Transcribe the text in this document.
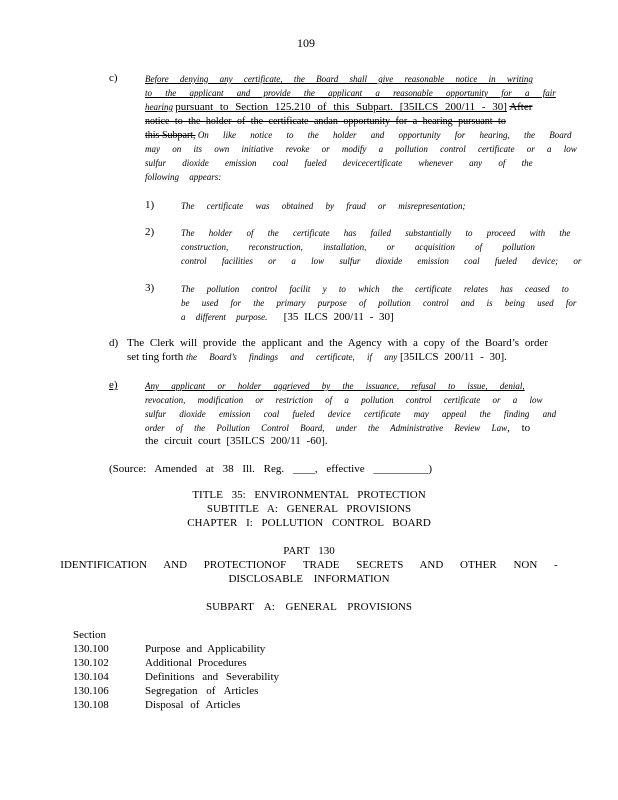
109
c)	Before denying any certificate, the Board shall give reasonable notice in writing
to the applicant and provide the applicant a reasonable opportunity for a fair
hearing pursuant to Section 125.210 of this Subpart. [35ILCS 200/11 - 30] After
notice to the holder of the certificate andan opportunity for a hearing pursuant to
this Subpart, On like notice to the holder and opportunity for hearing, the Board
may on its own initiative revoke or modify a pollution control certificate or a low
sulfur dioxide emission coal fueled devicecertificate whenever any of the
following appears:
1)	The certificate was obtained by fraud or misrepresentation;
2)	The holder of the certificate has failed substantially to proceed with the
construction, reconstruction, installation, or acquisition of pollution
control facilities or a low sulfur dioxide emission coal fueled device; or
3)	The pollution control facilit y to which the certificate relates has ceased to
be used for the primary purpose of pollution control and is being used for
a different purpose. [35 ILCS 200/11 - 30]
d) The Clerk will provide the applicant and the Agency with a copy of the Board’s order
set ting forth the Board’s findings and certificate, if any [35ILCS 200/11 - 30].
e)	Any applicant or holder aggrieved by the issuance, refusal to issue, denial,
revocation, modification or restriction of a pollution control certificate or a low
sulfur dioxide emission coal fueled device certificate may appeal the finding and
order of the Pollution Control Board, under the Administrative Review Law, to
the circuit court [35ILCS 200/11 -60].
(Source: Amended at 38 Ill. Reg. ____, effective __________)
TITLE 35: ENVIRONMENTAL PROTECTION
SUBTITLE A: GENERAL PROVISIONS
CHAPTER I: POLLUTION CONTROL BOARD
PART 130
IDENTIFICATION AND PROTECTIONOF TRADE SECRETS AND OTHER NON -
DISCLOSABLE INFORMATION
SUBPART A: GENERAL PROVISIONS
Section
130.100	Purpose and Applicability
130.102	Additional Procedures
130.104	Definitions and Severability
130.106	Segregation of Articles
130.108	Disposal of Articles
